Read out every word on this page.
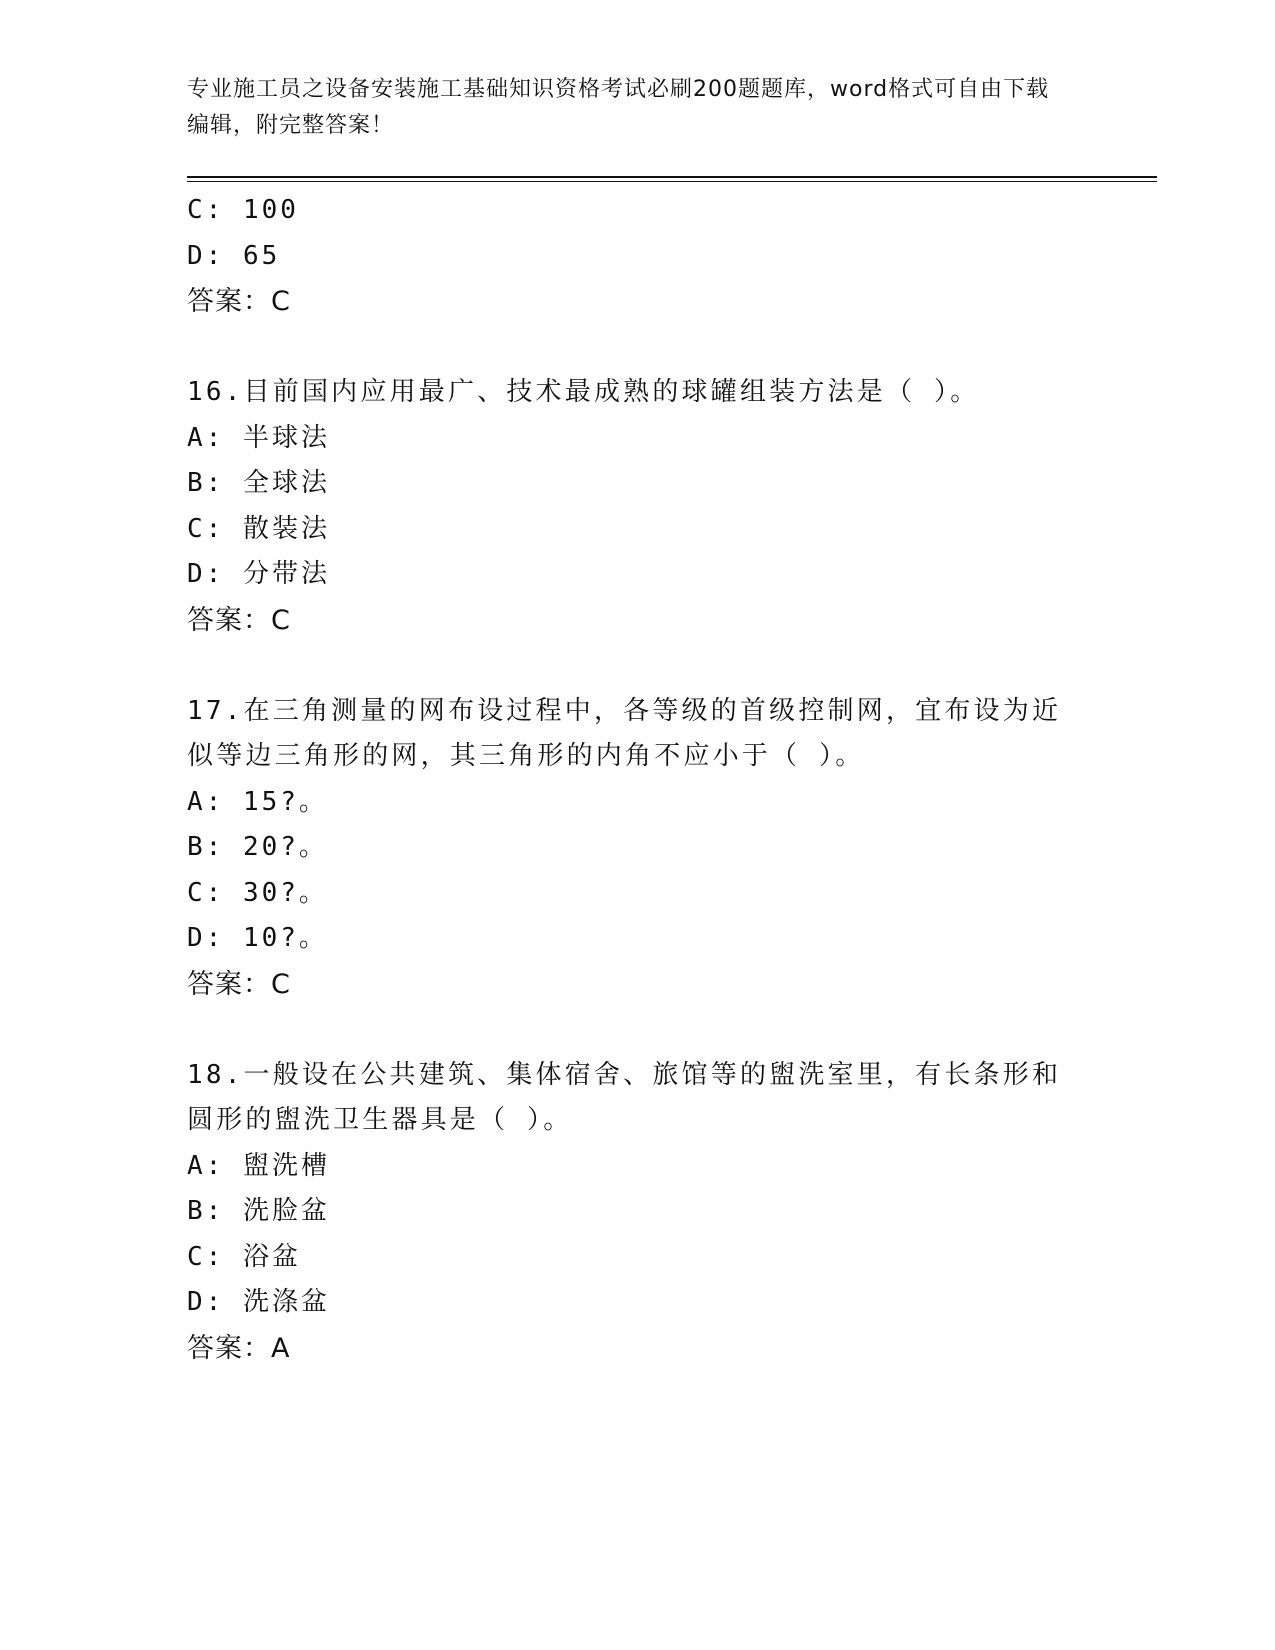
专业施工员之设备安装施工基础知识资格考试必刷200题题库，word格式可自由下载编辑，附完整答案！
C: 100
D: 65
答案：C
16.目前国内应用最广、技术最成熟的球罐组装方法是（ ）。
A: 半球法
B: 全球法
C: 散装法
D: 分带法
答案：C
17.在三角测量的网布设过程中，各等级的首级控制网，宜布设为近似等边三角形的网，其三角形的内角不应小于（ ）。
A: 15?。
B: 20?。
C: 30?。
D: 10?。
答案：C
18.一般设在公共建筑、集体宿舍、旅馆等的盥洗室里，有长条形和圆形的盥洗卫生器具是（ ）。
A: 盥洗槽
B: 洗脸盆
C: 浴盆
D: 洗涤盆
答案：A
